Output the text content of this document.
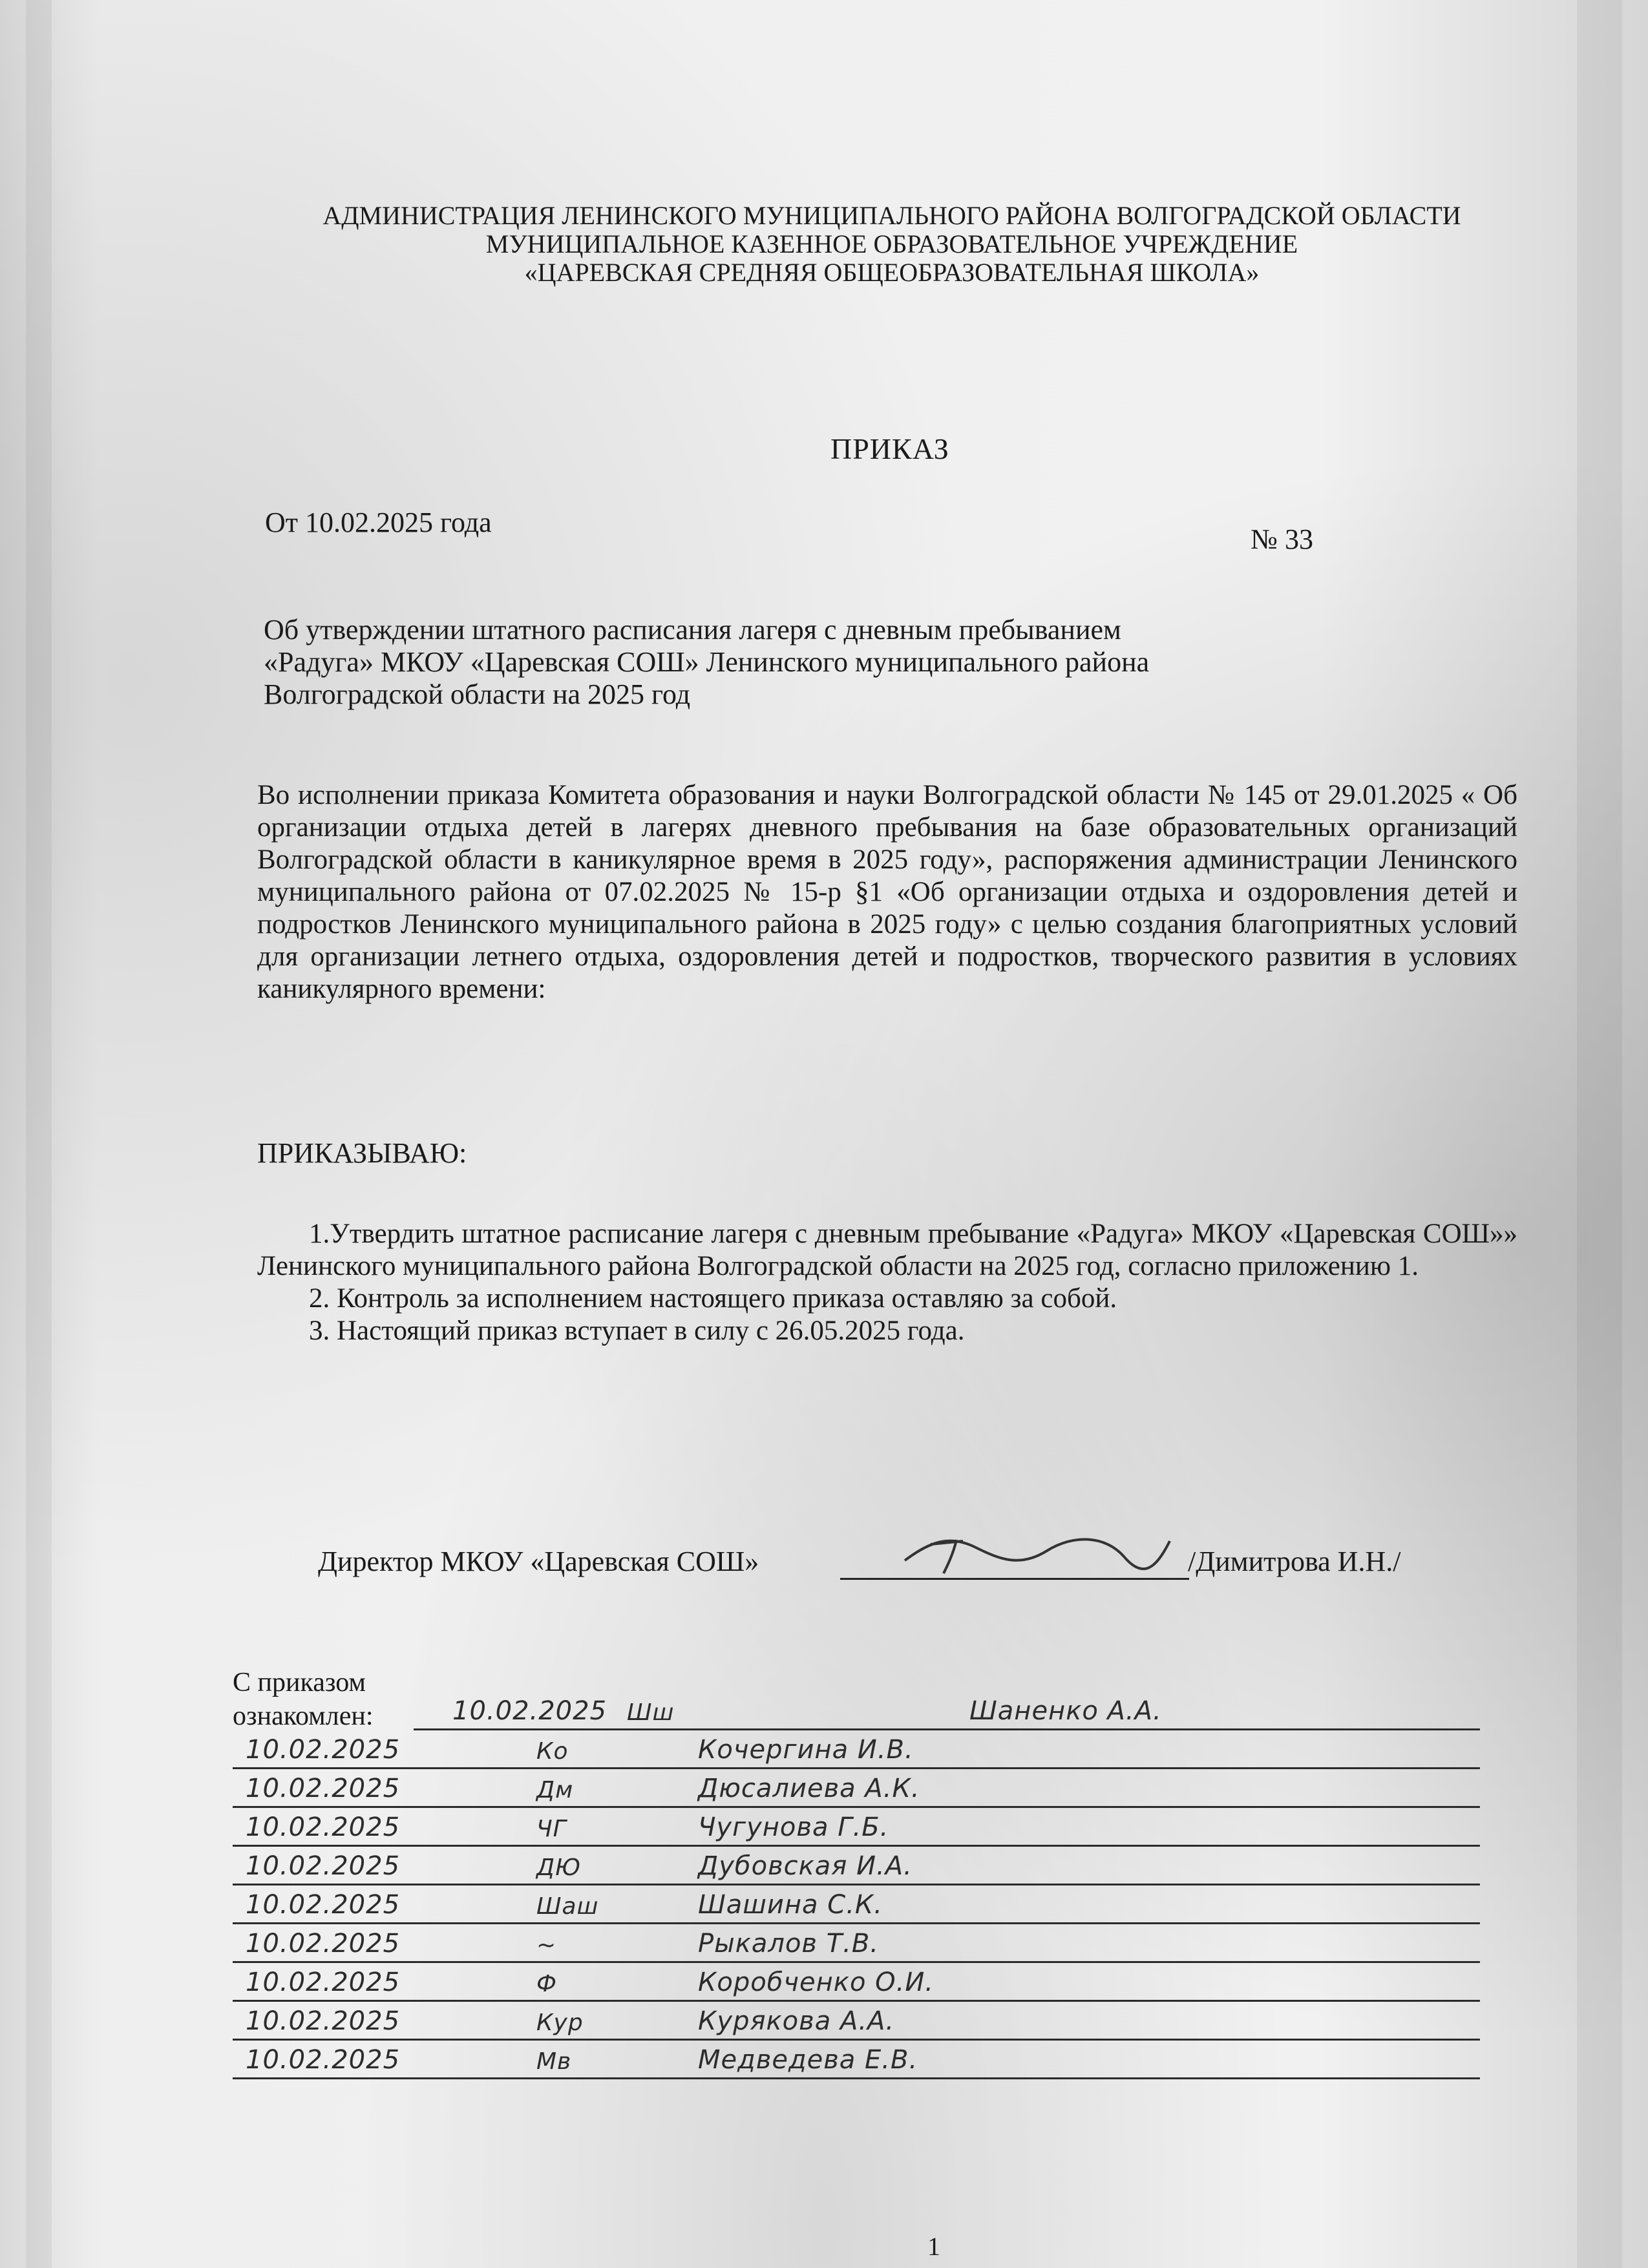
АДМИНИСТРАЦИЯ ЛЕНИНСКОГО МУНИЦИПАЛЬНОГО РАЙОНА ВОЛГОГРАДСКОЙ ОБЛАСТИ
МУНИЦИПАЛЬНОЕ КАЗЕННОЕ ОБРАЗОВАТЕЛЬНОЕ УЧРЕЖДЕНИЕ
«ЦАРЕВСКАЯ СРЕДНЯЯ ОБЩЕОБРАЗОВАТЕЛЬНАЯ ШКОЛА»
ПРИКАЗ
От 10.02.2025 года
№ 33
Об утверждении штатного расписания лагеря с дневным пребыванием
«Радуга» МКОУ «Царевская СОШ» Ленинского муниципального района
Волгоградской области на 2025 год
Во исполнении приказа Комитета образования и науки Волгоградской области № 145 от 29.01.2025 « Об организации отдыха детей в лагерях дневного пребывания на базе образовательных организаций Волгоградской области в каникулярное время в 2025 году», распоряжения администрации Ленинского муниципального района от 07.02.2025 № 15-р §1 «Об организации отдыха и оздоровления детей и подростков Ленинского муниципального района в 2025 году» с целью создания благоприятных условий для организации летнего отдыха, оздоровления детей и подростков, творческого развития в условиях каникулярного времени:
ПРИКАЗЫВАЮ:

1.Утвердить штатное расписание лагеря с дневным пребывание «Радуга» МКОУ «Царевская СОШ»» Ленинского муниципального района Волгоградской области на 2025 год, согласно приложению 1.

2. Контроль за исполнением настоящего приказа оставляю за собой.

3. Настоящий приказ вступает в силу с 26.05.2025 года.

Директор МКОУ «Царевская СОШ»	/Димитрова И.Н./
С приказом
ознакомлен:	10.02.2025 Шш	Шаненко А.А.
10.02.2025	Ко	Кочергина И.В.
10.02.2025	Дм	Дюсалиева А.К.
10.02.2025	ЧГ	Чугунова Г.Б.
10.02.2025	ДЮ	Дубовская И.А.
10.02.2025	Шаш	Шашина С.К.
10.02.2025	~	Рыкалов Т.В.
10.02.2025	Ф	Коробченко О.И.
10.02.2025	Кур	Курякова А.А.
10.02.2025	Мв	Медведева Е.В.
1
